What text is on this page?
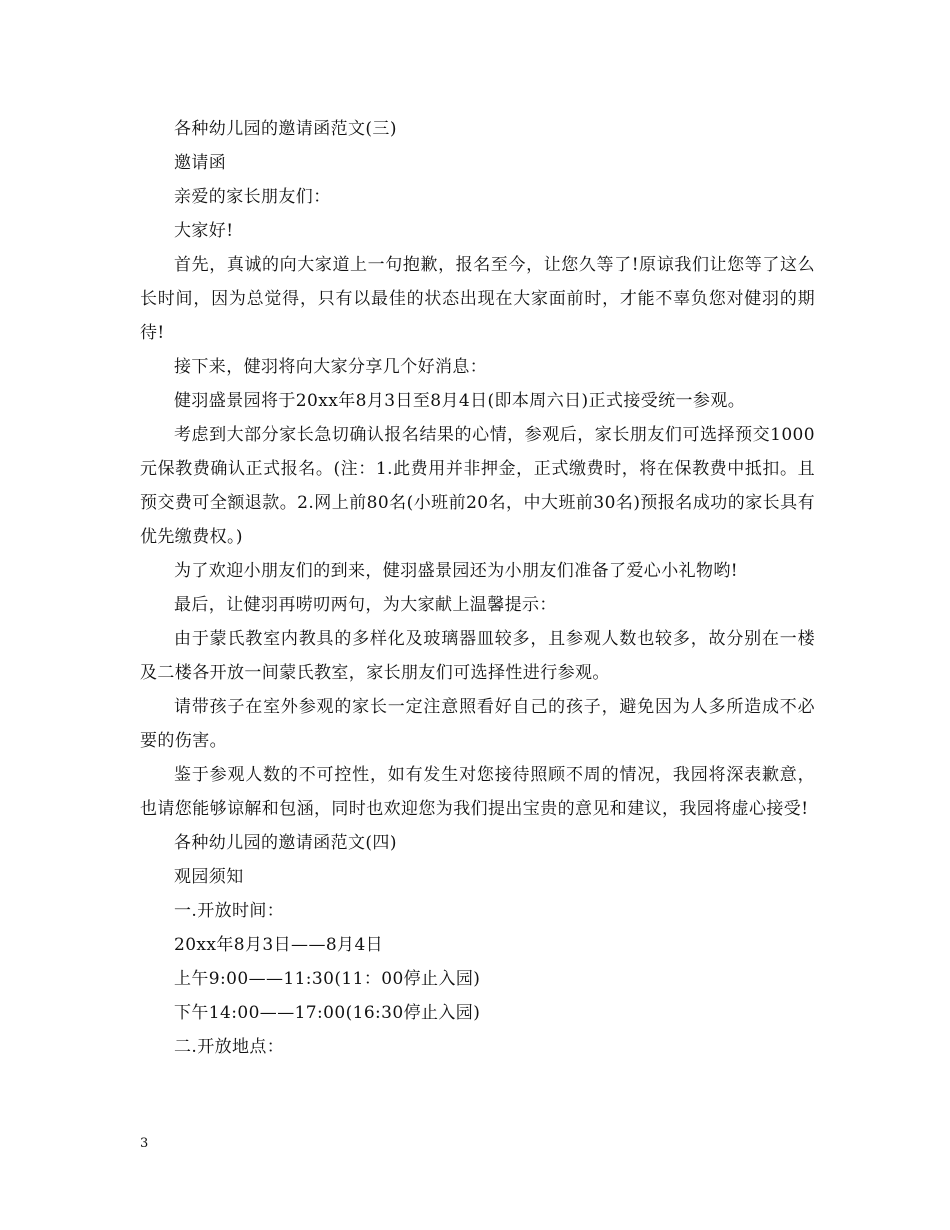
各种幼儿园的邀请函范文(三)

邀请函

亲爱的家长朋友们：

大家好!

首先，真诚的向大家道上一句抱歉，报名至今，让您久等了!原谅我们让您等了这么长时间，因为总觉得，只有以最佳的状态出现在大家面前时，才能不辜负您对健羽的期待!

接下来，健羽将向大家分享几个好消息：

健羽盛景园将于20xx年8月3日至8月4日(即本周六日)正式接受统一参观。

考虑到大部分家长急切确认报名结果的心情，参观后，家长朋友们可选择预交1000元保教费确认正式报名。(注：1.此费用并非押金，正式缴费时，将在保教费中抵扣。且预交费可全额退款。2.网上前80名(小班前20名，中大班前30名)预报名成功的家长具有优先缴费权。)

为了欢迎小朋友们的到来，健羽盛景园还为小朋友们准备了爱心小礼物哟!

最后，让健羽再唠叨两句，为大家献上温馨提示：

由于蒙氏教室内教具的多样化及玻璃器皿较多，且参观人数也较多，故分别在一楼及二楼各开放一间蒙氏教室，家长朋友们可选择性进行参观。

请带孩子在室外参观的家长一定注意照看好自己的孩子，避免因为人多所造成不必要的伤害。

鉴于参观人数的不可控性，如有发生对您接待照顾不周的情况，我园将深表歉意，也请您能够谅解和包涵，同时也欢迎您为我们提出宝贵的意见和建议，我园将虚心接受!

各种幼儿园的邀请函范文(四)

观园须知

一.开放时间：

20xx年8月3日——8月4日

上午9:00——11:30(11：00停止入园)

下午14:00——17:00(16:30停止入园)

二.开放地点：

3
